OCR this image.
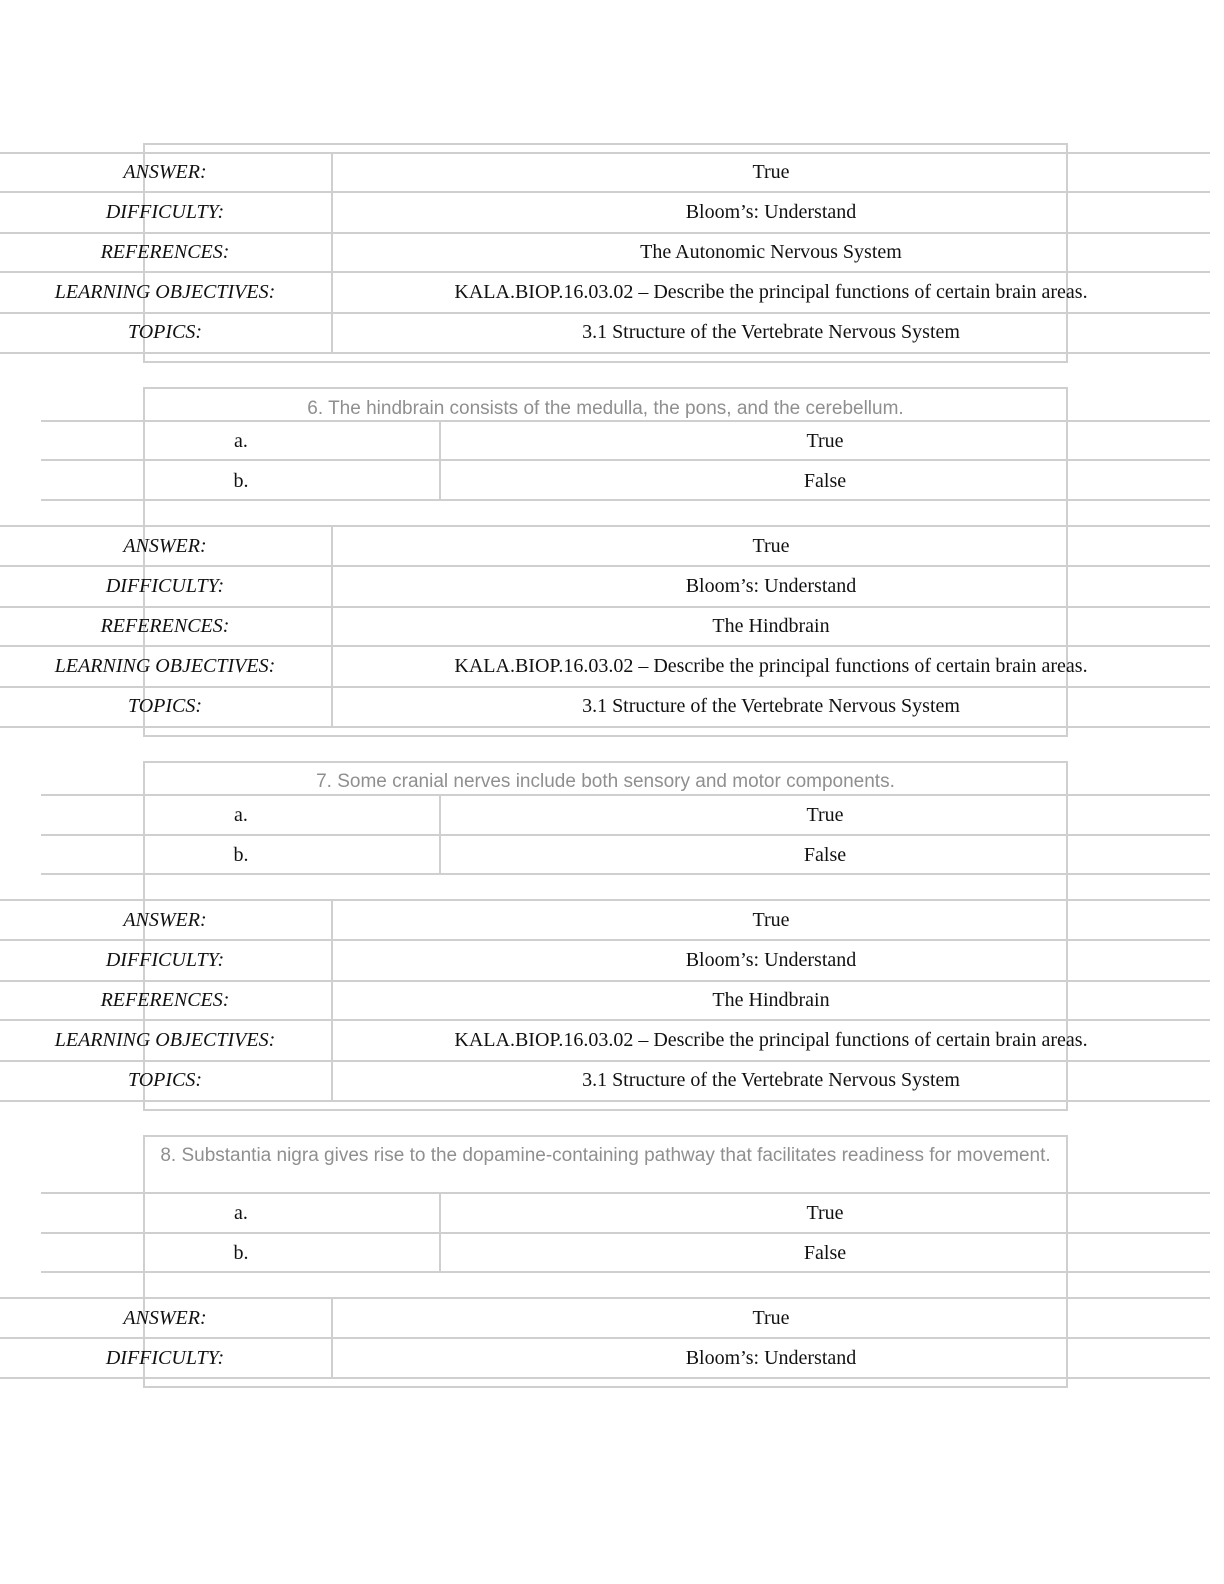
ANSWER:	True
DIFFICULTY:	Bloom’s: Understand
REFERENCES:	The Autonomic Nervous System
LEARNING OBJECTIVES:	KALA.BIOP.16.03.02 – Describe the principal functions of certain brain areas.
TOPICS:	3.1 Structure of the Vertebrate Nervous System
6. The hindbrain consists of the medulla, the pons, and the cerebellum.
a.	True
b.	False
ANSWER:	True
DIFFICULTY:	Bloom’s: Understand
REFERENCES:	The Hindbrain
LEARNING OBJECTIVES:	KALA.BIOP.16.03.02 – Describe the principal functions of certain brain areas.
TOPICS:	3.1 Structure of the Vertebrate Nervous System
7. Some cranial nerves include both sensory and motor components.
a.	True
b.	False
ANSWER:	True
DIFFICULTY:	Bloom’s: Understand
REFERENCES:	The Hindbrain
LEARNING OBJECTIVES:	KALA.BIOP.16.03.02 – Describe the principal functions of certain brain areas.
TOPICS:	3.1 Structure of the Vertebrate Nervous System
8. Substantia nigra gives rise to the dopamine-containing pathway that facilitates readiness for movement.
a.	True
b.	False
ANSWER:	True
DIFFICULTY:	Bloom’s: Understand
